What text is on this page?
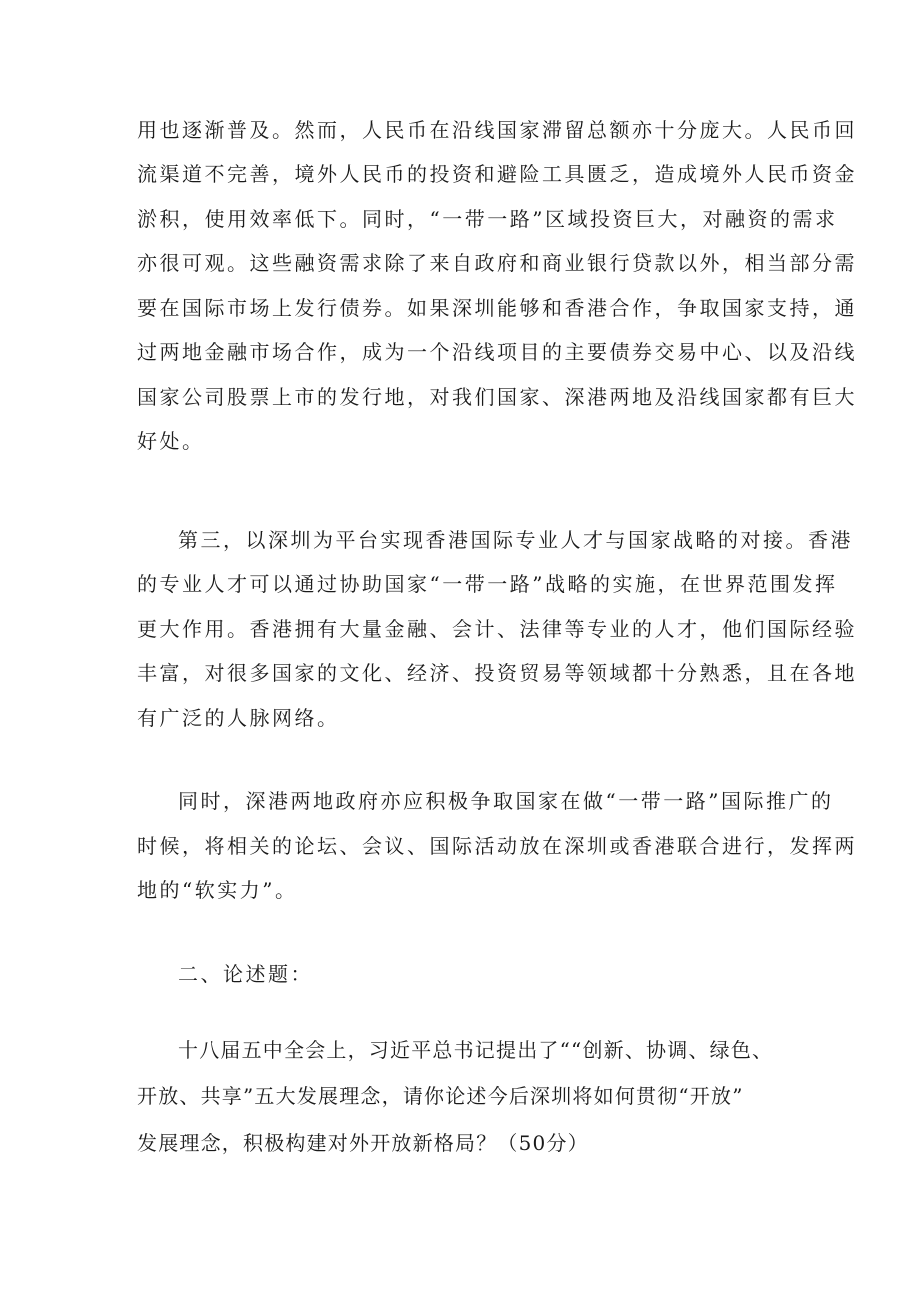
用也逐渐普及。然而，人民币在沿线国家滞留总额亦十分庞大。人民币回
流渠道不完善，境外人民币的投资和避险工具匮乏，造成境外人民币资金
淤积，使用效率低下。同时，“一带一路”区域投资巨大，对融资的需求
亦很可观。这些融资需求除了来自政府和商业银行贷款以外，相当部分需
要在国际市场上发行债券。如果深圳能够和香港合作，争取国家支持，通
过两地金融市场合作，成为一个沿线项目的主要债券交易中心、以及沿线
国家公司股票上市的发行地，对我们国家、深港两地及沿线国家都有巨大
好处。
第三，以深圳为平台实现香港国际专业人才与国家战略的对接。香港
的专业人才可以通过协助国家“一带一路”战略的实施，在世界范围发挥
更大作用。香港拥有大量金融、会计、法律等专业的人才，他们国际经验
丰富，对很多国家的文化、经济、投资贸易等领域都十分熟悉，且在各地
有广泛的人脉网络。
同时，深港两地政府亦应积极争取国家在做“一带一路”国际推广的
时候，将相关的论坛、会议、国际活动放在深圳或香港联合进行，发挥两
地的“软实力”。
二、论述题：
十八届五中全会上，习近平总书记提出了““创新、协调、绿色、
开放、共享”五大发展理念，请你论述今后深圳将如何贯彻“开放”
发展理念，积极构建对外开放新格局？（50分）
